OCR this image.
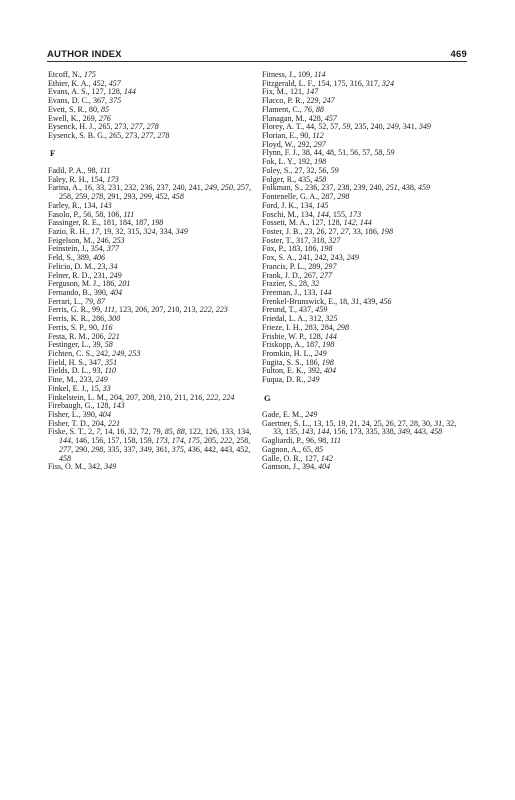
AUTHOR INDEX	469

Etcoff, N., 175

Ethier, K. A., 452, 457

Evans, A. S., 127, 128, 144

Evans, D. C., 367, 375

Evett, S. R., 80, 85

Ewell, K., 269, 276

Eysenck, H. J., 265, 273, 277, 278

Eysenck, S. B. G., 265, 273, 277, 278

F

Fadil, P. A., 98, 111

Faley, R. H., 154, 173

Farina, A., 16, 33, 231, 232, 236, 237, 240, 241, 249, 250, 257, 258, 259, 278, 291, 293, 299, 452, 458

Farley, R., 134, 143

Fasolo, P., 56, 58, 106, 111

Fassinger, R. E., 181, 184, 187, 198

Fazio, R. H., 17, 19, 32, 315, 324, 334, 349

Feigelson, M., 246, 253

Feinstein, J., 354, 377

Feld, S., 389, 406

Felicio, D. M., 23, 34

Felner, R. D., 231, 249

Ferguson, M. J., 186, 201

Fernando, B., 390, 404

Ferrari, L., 79, 87

Ferris, G. R., 99, 111, 123, 206, 207, 210, 213, 222, 223

Ferris, K. R., 286, 300

Ferris, S. P., 90, 116

Festa, R. M., 206, 221

Festinger, L., 39, 58

Fichten, C. S., 242, 249, 253

Field, H. S., 347, 351

Fields, D. L., 93, 110

Fine, M., 233, 249

Finkel, E. J., 15, 33

Finkelstein, L. M., 204, 207, 208, 210, 211, 216, 222, 224

Firebaugh, G., 128, 143

Fisher, L., 390, 404

Fisher, T. D., 204, 221

Fiske, S. T., 2, 7, 14, 16, 32, 72, 79, 85, 88, 122, 126, 133, 134, 144, 146, 156, 157, 158, 159, 173, 174, 175, 205, 222, 258, 277, 290, 298, 335, 337, 349, 361, 375, 436, 442, 443, 452, 458

Fiss, O. M., 342, 349

Fitness, J., 109, 114

Fitzgerald, L. F., 154, 175, 316, 317, 324

Fix, M., 121, 147

Flacco, P. R., 229, 247

Flament, C., 76, 88

Flanagan, M., 428, 457

Florey, A. T., 44, 52, 57, 59, 235, 240, 249, 341, 349

Florian, E., 90, 112

Floyd, W., 292, 297

Flynn, F. J., 38, 44, 48, 51, 56, 57, 58, 59

Fok, L. Y., 192, 198

Foley, S., 27, 32, 56, 59

Folger, R., 435, 458

Folkman, S., 236, 237, 238, 239, 240, 251, 438, 459

Fontenelle, G. A., 287, 298

Ford, J. K., 134, 145

Foschi, M., 134, 144, 155, 173

Fossett, M. A., 127, 128, 142, 144

Foster, J. B., 23, 26, 27, 27, 33, 186, 198

Foster, T., 317, 318, 327

Fox, P., 183, 186, 198

Fox, S. A., 241, 242, 243, 249

Francis, P. L., 289, 297

Frank, J. D., 267, 277

Frazier, S., 28, 32

Freeman, J., 133, 144

Frenkel-Brunswick, E., 18, 31, 439, 456

Freund, T., 437, 459

Friedal, L. A., 312, 325

Frieze, I. H., 283, 284, 298

Frisbie, W. P., 128, 144

Friskopp, A., 187, 198

Fromkin, H. L., 249

Fugita, S. S., 186, 198

Fulton, E. K., 392, 404

Fuqua, D. R., 249

G

Gade, E. M., 249

Gaertner, S. L., 13, 15, 19, 21, 24, 25, 26, 27, 28, 30, 31, 32, 33, 135, 143, 144, 156, 173, 335, 338, 349, 443, 458

Gagliardi, P., 96, 98, 111

Gagnon, A., 65, 85

Galle, O. R., 127, 142

Gamson, J., 394, 404
